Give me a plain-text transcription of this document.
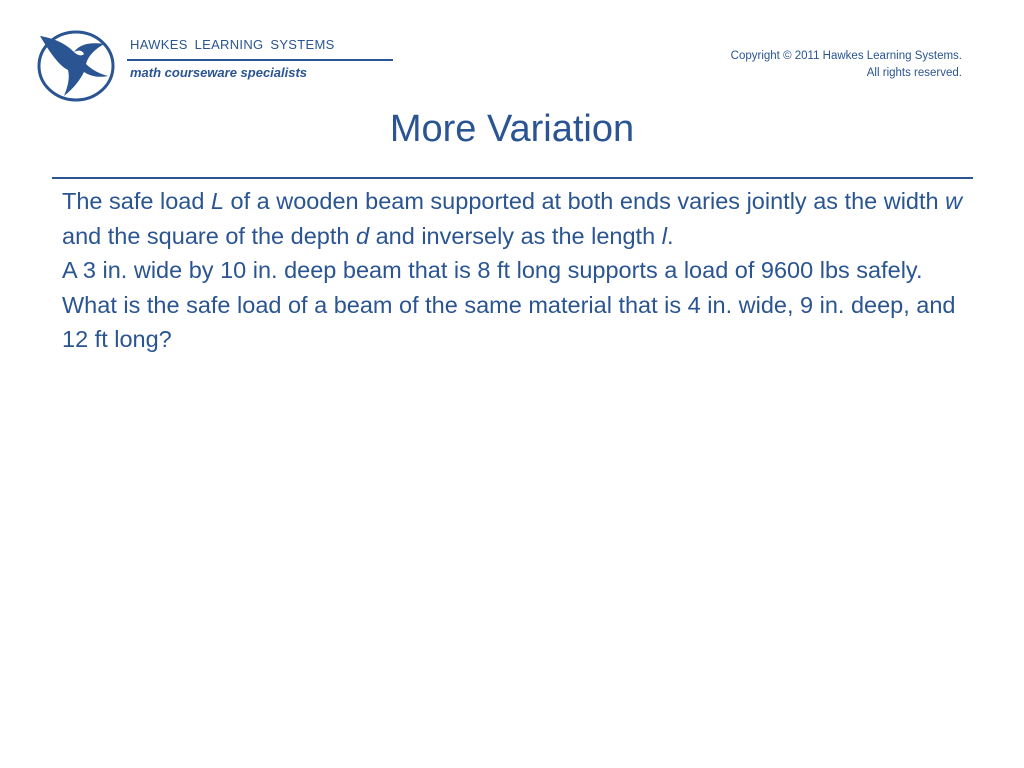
HAWKES LEARNING SYSTEMS
math courseware specialists
Copyright © 2011 Hawkes Learning Systems.
All rights reserved.
More Variation

The safe load L of a wooden beam supported at both ends varies jointly as the width w and the square of the depth d and inversely as the length l.

A 3 in. wide by 10 in. deep beam that is 8 ft long supports a load of 9600 lbs safely. What is the safe load of a beam of the same material that is 4 in. wide, 9 in. deep, and 12 ft long?
